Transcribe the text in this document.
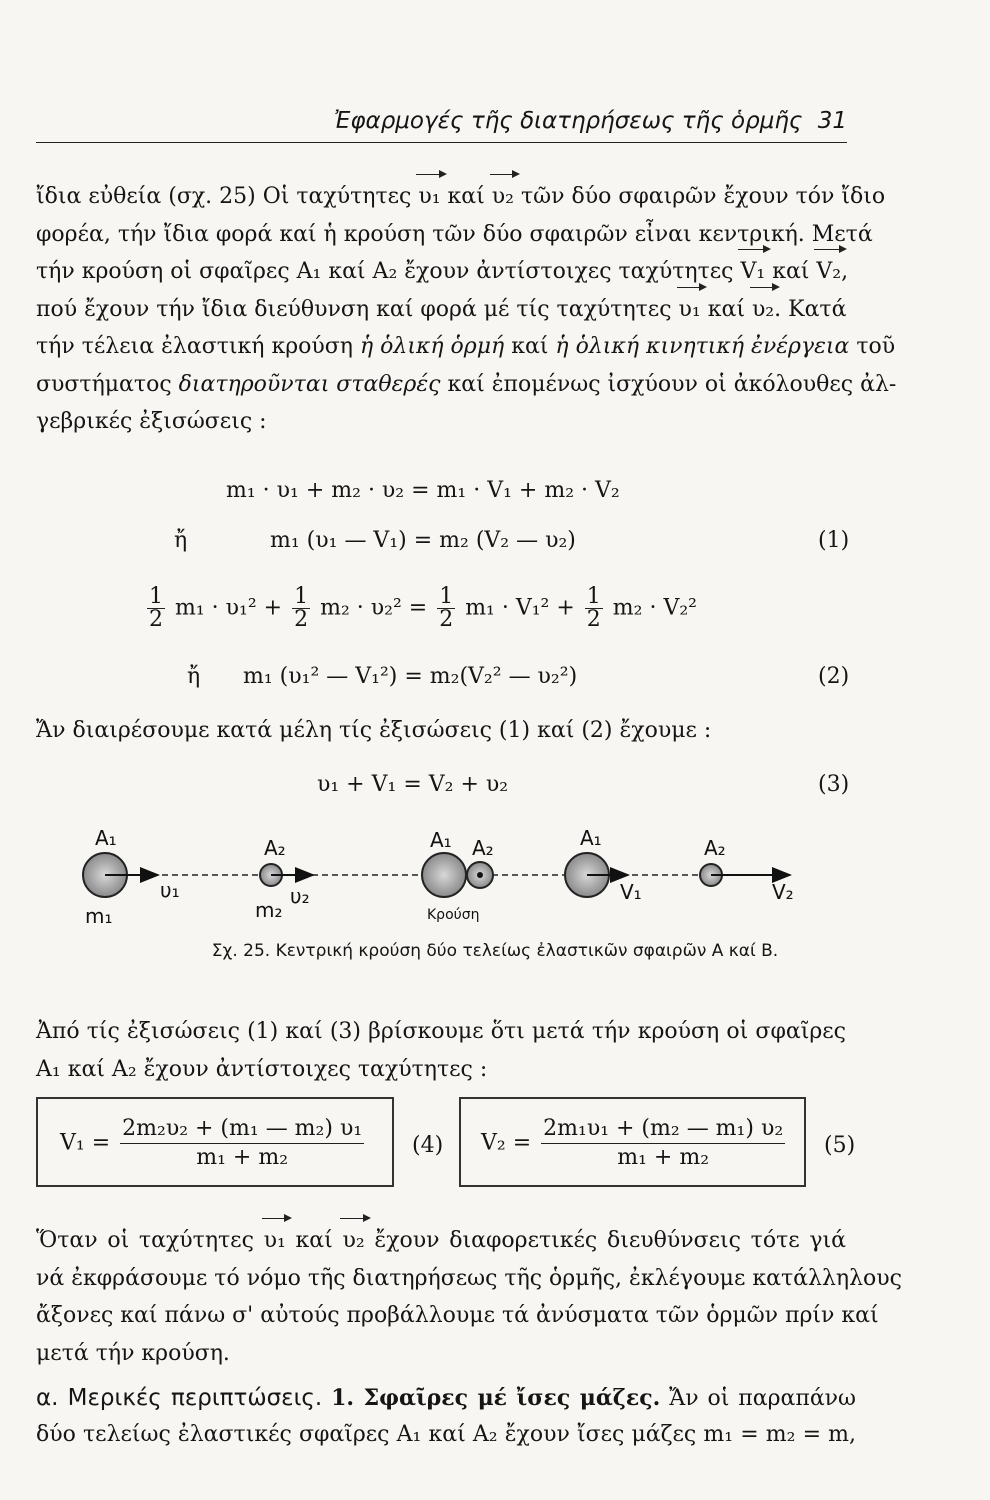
Ἐφαρμογές τῆς διατηρήσεως τῆς ὁρμῆς 31
ἴδια εὐθεία (σχ. 25) Οἱ ταχύτητες υ₁ καί υ₂ τῶν δύο σφαιρῶν ἔχουν τόν ἴδιο
φορέα, τήν ἴδια φορά καί ἡ κρούση τῶν δύο σφαιρῶν εἶναι κεντρική. Μετά
τήν κρούση οἱ σφαῖρες Α₁ καί Α₂ ἔχουν ἀντίστοιχες ταχύτητες V₁ καί V₂,
πού ἔχουν τήν ἴδια διεύθυνση καί φορά μέ τίς ταχύτητες υ₁ καί υ₂. Κατά
τήν τέλεια ἐλαστική κρούση ἡ ὁλική ὁρμή καί ἡ ὁλική κινητική ἐνέργεια τοῦ
συστήματος διατηροῦνται σταθερές καί ἐπομένως ἰσχύουν οἱ ἀκόλουθες ἀλ-
γεβρικές ἐξισώσεις :
m₁ · υ₁ + m₂ · υ₂ = m₁ · V₁ + m₂ · V₂
ἤ	m₁ (υ₁ — V₁) = m₂ (V₂ — υ₂)	(1)
$\frac{1}{2} m_1 \cdot \upsilon_1^2 + \frac{1}{2} m_2 \cdot \upsilon_2^2 = \frac{1}{2} m_1 \cdot V_1^2 + \frac{1}{2} m_2 \cdot V_2^2$
ἤ m₁ (υ₁² — V₁²) = m₂(V₂² — υ₂²)	(2)
Ἄν διαιρέσουμε κατά μέλη τίς ἐξισώσεις (1) καί (2) ἔχουμε :
υ₁ + V₁ = V₂ + υ₂	(3)
A₁	A₂
υ₁	υ₂
m₁	m₂
A₁ A₂	A₁	A₂
V₁	V₂
Κρούση
Σχ. 25. Κεντρική κρούση δύο τελείως ἐλαστικῶν σφαιρῶν Α καί Β.
Ἀπό τίς ἐξισώσεις (1) καί (3) βρίσκουμε ὅτι μετά τήν κρούση οἱ σφαῖρες
Α₁ καί Α₂ ἔχουν ἀντίστοιχες ταχύτητες :
$V_1 = \frac{\text{2m₂υ₂ + (m₁ — m₂) υ₁}}{\text{m₁ + m₂}} (4) V_2 = \frac{\text{2m₁υ₁ + (m₂ — m₁) υ₂}}{\text{m₁ + m₂}} (5)$
Ὅταν οἱ ταχύτητες υ₁ καί υ₂ ἔχουν διαφορετικές διευθύνσεις τότε γιά
νά ἐκφράσουμε τό νόμο τῆς διατηρήσεως τῆς ὁρμῆς, ἐκλέγουμε κατάλληλους
ἄξονες καί πάνω σ' αὐτούς προβάλλουμε τά ἀνύσματα τῶν ὁρμῶν πρίν καί
μετά τήν κρούση.
α. Μερικές περιπτώσεις. 1. Σφαῖρες μέ ἴσες μάζες. Ἄν οἱ παραπάνω
δύο τελείως ἐλαστικές σφαῖρες Α₁ καί Α₂ ἔχουν ἴσες μάζες m₁ = m₂ = m,
